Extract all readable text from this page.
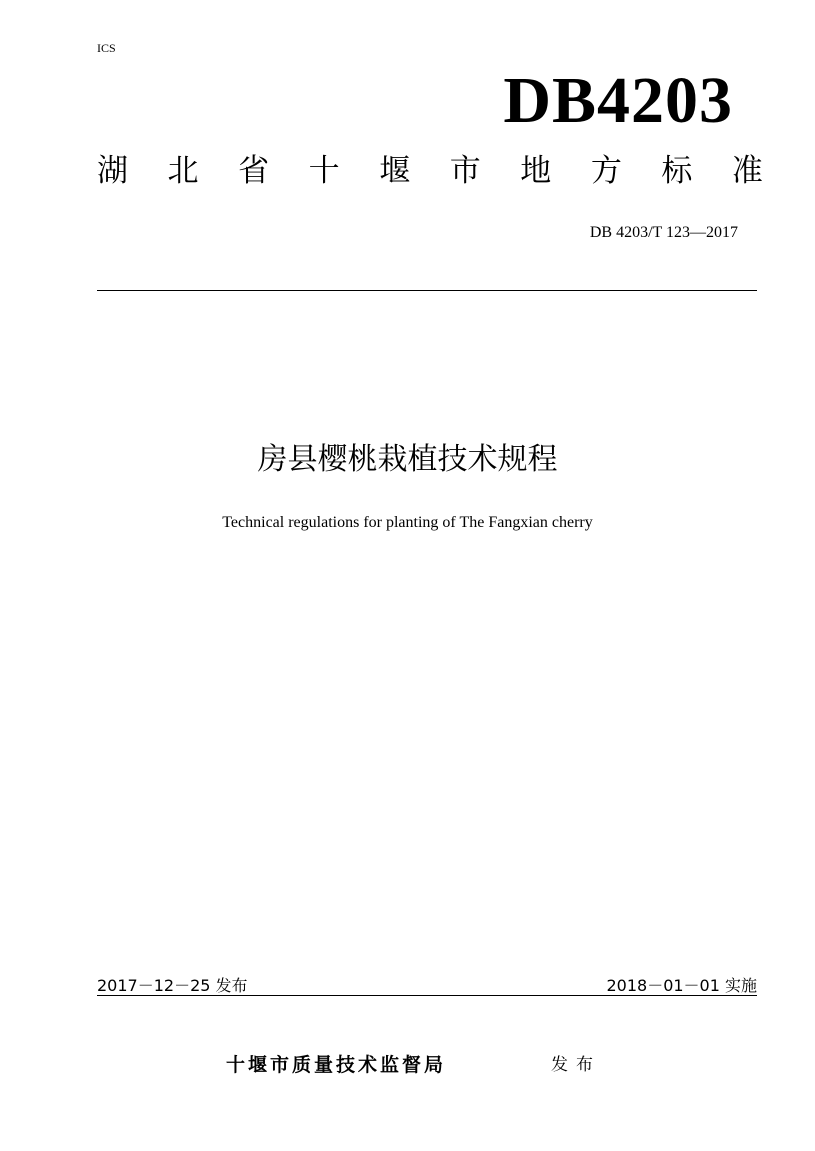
ICS
DB4203
湖 北 省 十 堰 市 地 方 标 准
DB 4203/T 123—2017
房县樱桃栽植技术规程
Technical regulations for planting of The Fangxian cherry
2017－12－25 发布	2018－01－01 实施
十堰市质量技术监督局	发布
